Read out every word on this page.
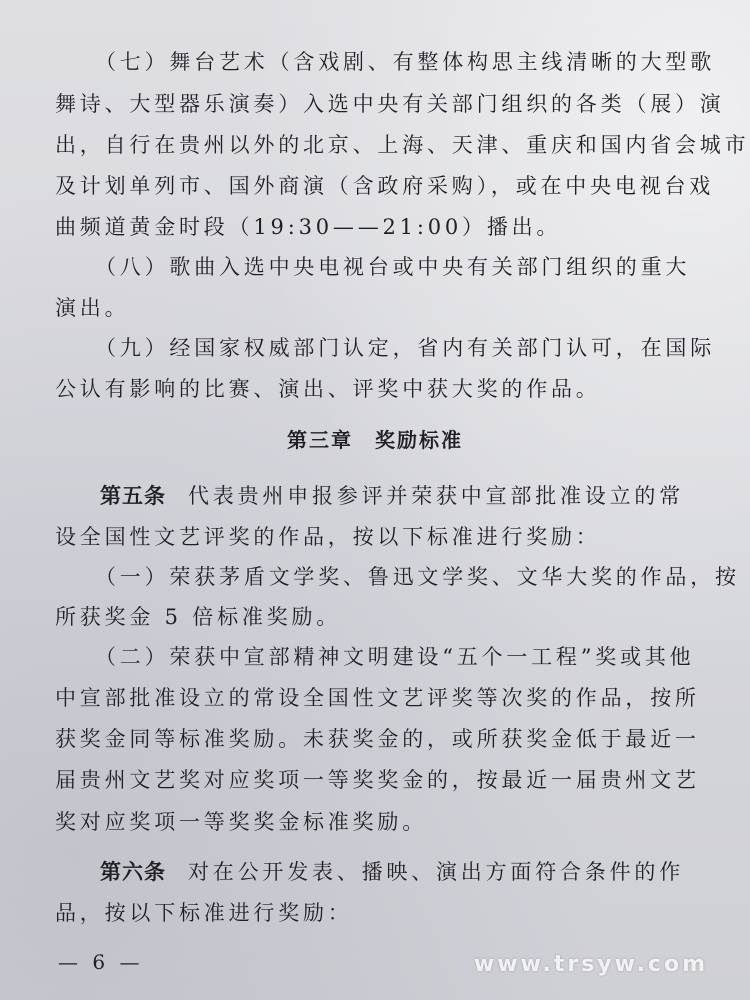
（七）舞台艺术（含戏剧、有整体构思主线清晰的大型歌
舞诗、大型器乐演奏）入选中央有关部门组织的各类（展）演
出，自行在贵州以外的北京、上海、天津、重庆和国内省会城市
及计划单列市、国外商演（含政府采购），或在中央电视台戏
曲频道黄金时段（19:30——21:00）播出。
（八）歌曲入选中央电视台或中央有关部门组织的重大
演出。
（九）经国家权威部门认定，省内有关部门认可，在国际
公认有影响的比赛、演出、评奖中获大奖的作品。
第三章　奖励标准
第五条 代表贵州申报参评并荣获中宣部批准设立的常
设全国性文艺评奖的作品，按以下标准进行奖励：
（一）荣获茅盾文学奖、鲁迅文学奖、文华大奖的作品，按
所获奖金 5 倍标准奖励。
（二）荣获中宣部精神文明建设“五个一工程”奖或其他
中宣部批准设立的常设全国性文艺评奖等次奖的作品，按所
获奖金同等标准奖励。未获奖金的，或所获奖金低于最近一
届贵州文艺奖对应奖项一等奖奖金的，按最近一届贵州文艺
奖对应奖项一等奖奖金标准奖励。
第六条 对在公开发表、播映、演出方面符合条件的作
品，按以下标准进行奖励：
— 6 —	www.trsyw.com
